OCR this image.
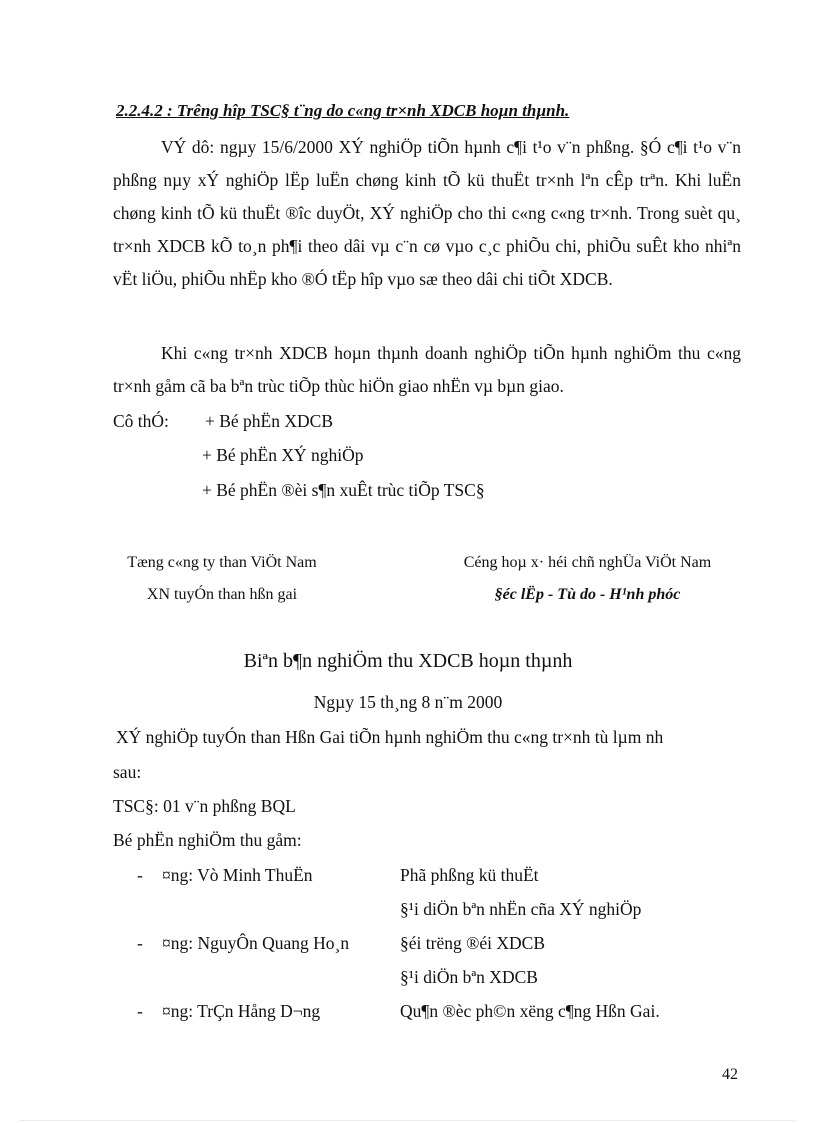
2.2.4.2 : Trêng hîp TSC§ t¨ng do c«ng tr×nh XDCB hoµn thµnh.
VÝ dô: ngµy 15/6/2000 XÝ nghiÖp tiÕn hµnh c¶i t¹o v¨n phßng. §Ó c¶i t¹o v¨n phßng nµy xÝ nghiÖp lËp luËn chøng kinh tÕ kü thuËt tr×nh lªn cÊp trªn. Khi luËn chøng kinh tÕ kü thuËt ®îc duyÖt, XÝ nghiÖp cho thi c«ng c«ng tr×nh. Trong suèt qu¸ tr×nh XDCB kÕ to¸n ph¶i theo dâi vµ c¨n cø vµo c¸c phiÕu chi, phiÕu suÊt kho nhiªn vËt liÖu, phiÕu nhËp kho ®Ó tËp hîp vµo sæ theo dâi chi tiÕt XDCB.
Khi c«ng tr×nh XDCB hoµn thµnh doanh nghiÖp tiÕn hµnh nghiÖm thu c«ng tr×nh gåm cã ba bªn trùc tiÕp thùc hiÖn giao nhËn vµ bµn giao.
Cô thÓ: + Bé phËn XDCB
+ Bé phËn XÝ nghiÖp
+ Bé phËn ®èi s¶n xuÊt trùc tiÕp TSC§
Tæng c«ng ty than ViÖt Nam
XN tuyÓn than hßn gai
Céng hoµ x· héi chñ nghÜa ViÖt Nam
§éc lËp - Tù do - H¹nh phóc
Biªn b¶n nghiÖm thu XDCB hoµn thµnh
Ngµy 15 th¸ng 8 n¨m 2000
XÝ nghiÖp tuyÓn than Hßn Gai tiÕn hµnh nghiÖm thu c«ng tr×nh tù lµm nh
sau:
TSC§: 01 v¨n phßng BQL
Bé phËn nghiÖm thu gåm:
- ¤ng: Vò Minh ThuËn	Phã phßng kü thuËt
§¹i diÖn bªn nhËn cña XÝ nghiÖp
- ¤ng: NguyÔn Quang Ho¸n	§éi trëng ®éi XDCB
§¹i diÖn bªn XDCB
- ¤ng: TrÇn Hång D¬ng	Qu¶n ®èc ph©n xëng c¶ng Hßn Gai.
42
